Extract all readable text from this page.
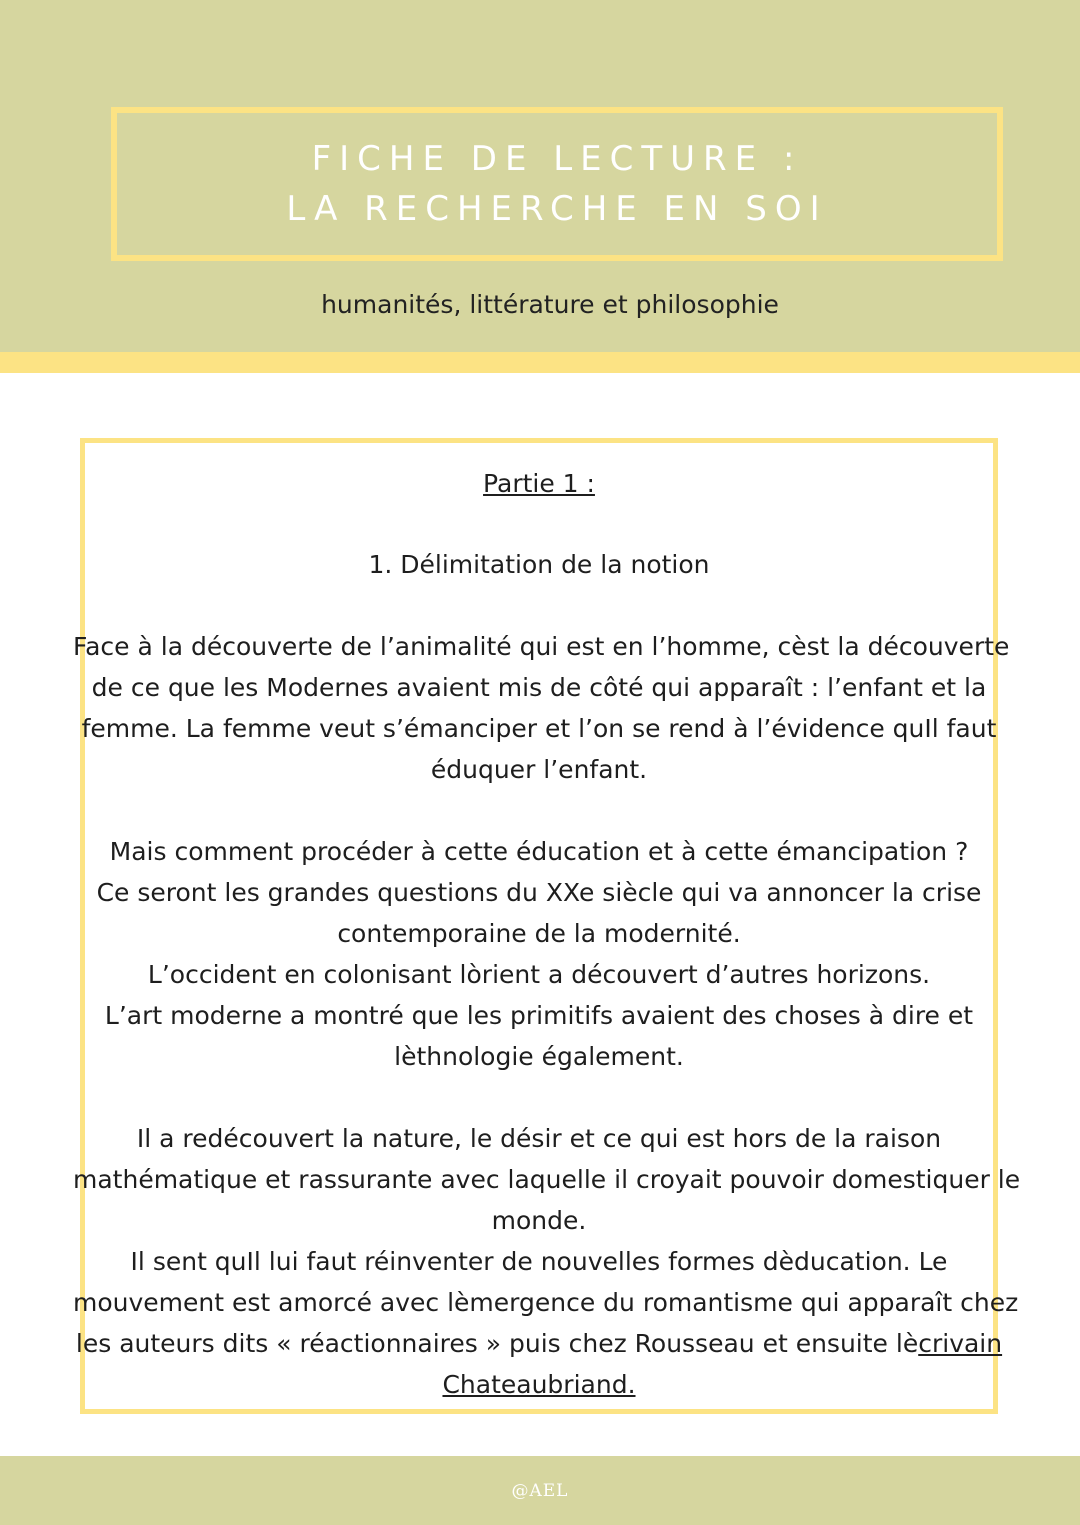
FICHE DE LECTURE :
LA RECHERCHE EN SOI
humanités, littérature et philosophie
Partie 1 :
1. Délimitation de la notion
Face à la découverte de l’animalité qui est en l’homme, cèst la découverte
de ce que les Modernes avaient mis de côté qui apparaît : l’enfant et la
femme. La femme veut s’émanciper et l’on se rend à l’évidence quIl faut
éduquer l’enfant.
Mais comment procéder à cette éducation et à cette émancipation ?
Ce seront les grandes questions du XXe siècle qui va annoncer la crise
contemporaine de la modernité.
L’occident en colonisant lòrient a découvert d’autres horizons.
L’art moderne a montré que les primitifs avaient des choses à dire et
lèthnologie également.
Il a redécouvert la nature, le désir et ce qui est hors de la raison
mathématique et rassurante avec laquelle il croyait pouvoir domestiquer le
monde.
Il sent quIl lui faut réinventer de nouvelles formes dèducation. Le
mouvement est amorcé avec lèmergence du romantisme qui apparaît chez
les auteurs dits « réactionnaires » puis chez Rousseau et ensuite lècrivain
Chateaubriand.
@AEL
